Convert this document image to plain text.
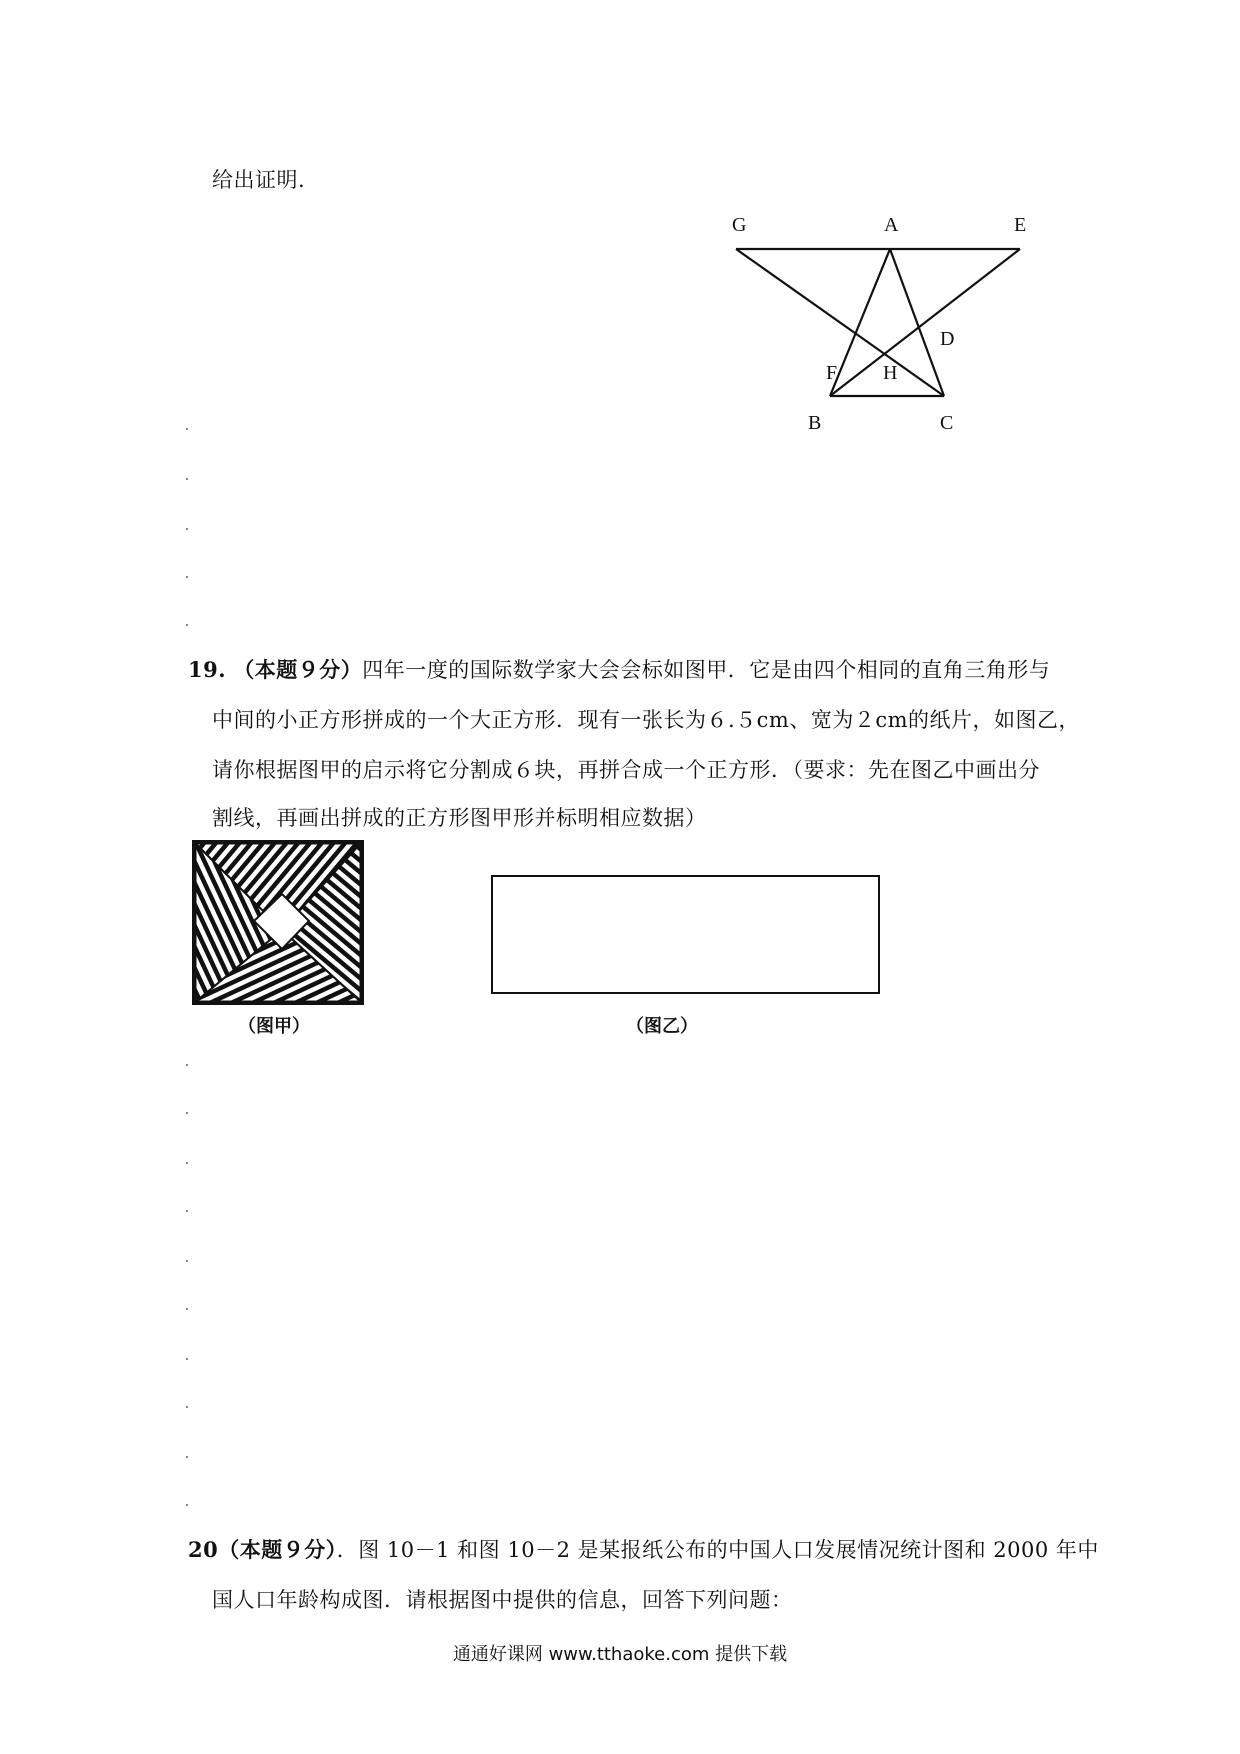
给出证明.
G	A	E
D
F H
B	C
19. （本题９分）四年一度的国际数学家大会会标如图甲．它是由四个相同的直角三角形与
中间的小正方形拼成的一个大正方形．现有一张长为６.５cm、宽为２cm的纸片，如图乙，
请你根据图甲的启示将它分割成６块，再拼合成一个正方形．（要求：先在图乙中画出分
割线，再画出拼成的正方形图甲形并标明相应数据）
（图甲）	（图乙）
20（本题９分）．图 10－1 和图 10－2 是某报纸公布的中国人口发展情况统计图和 2000 年中
国人口年龄构成图．请根据图中提供的信息，回答下列问题：
通通好课网 www.tthaoke.com 提供下载
